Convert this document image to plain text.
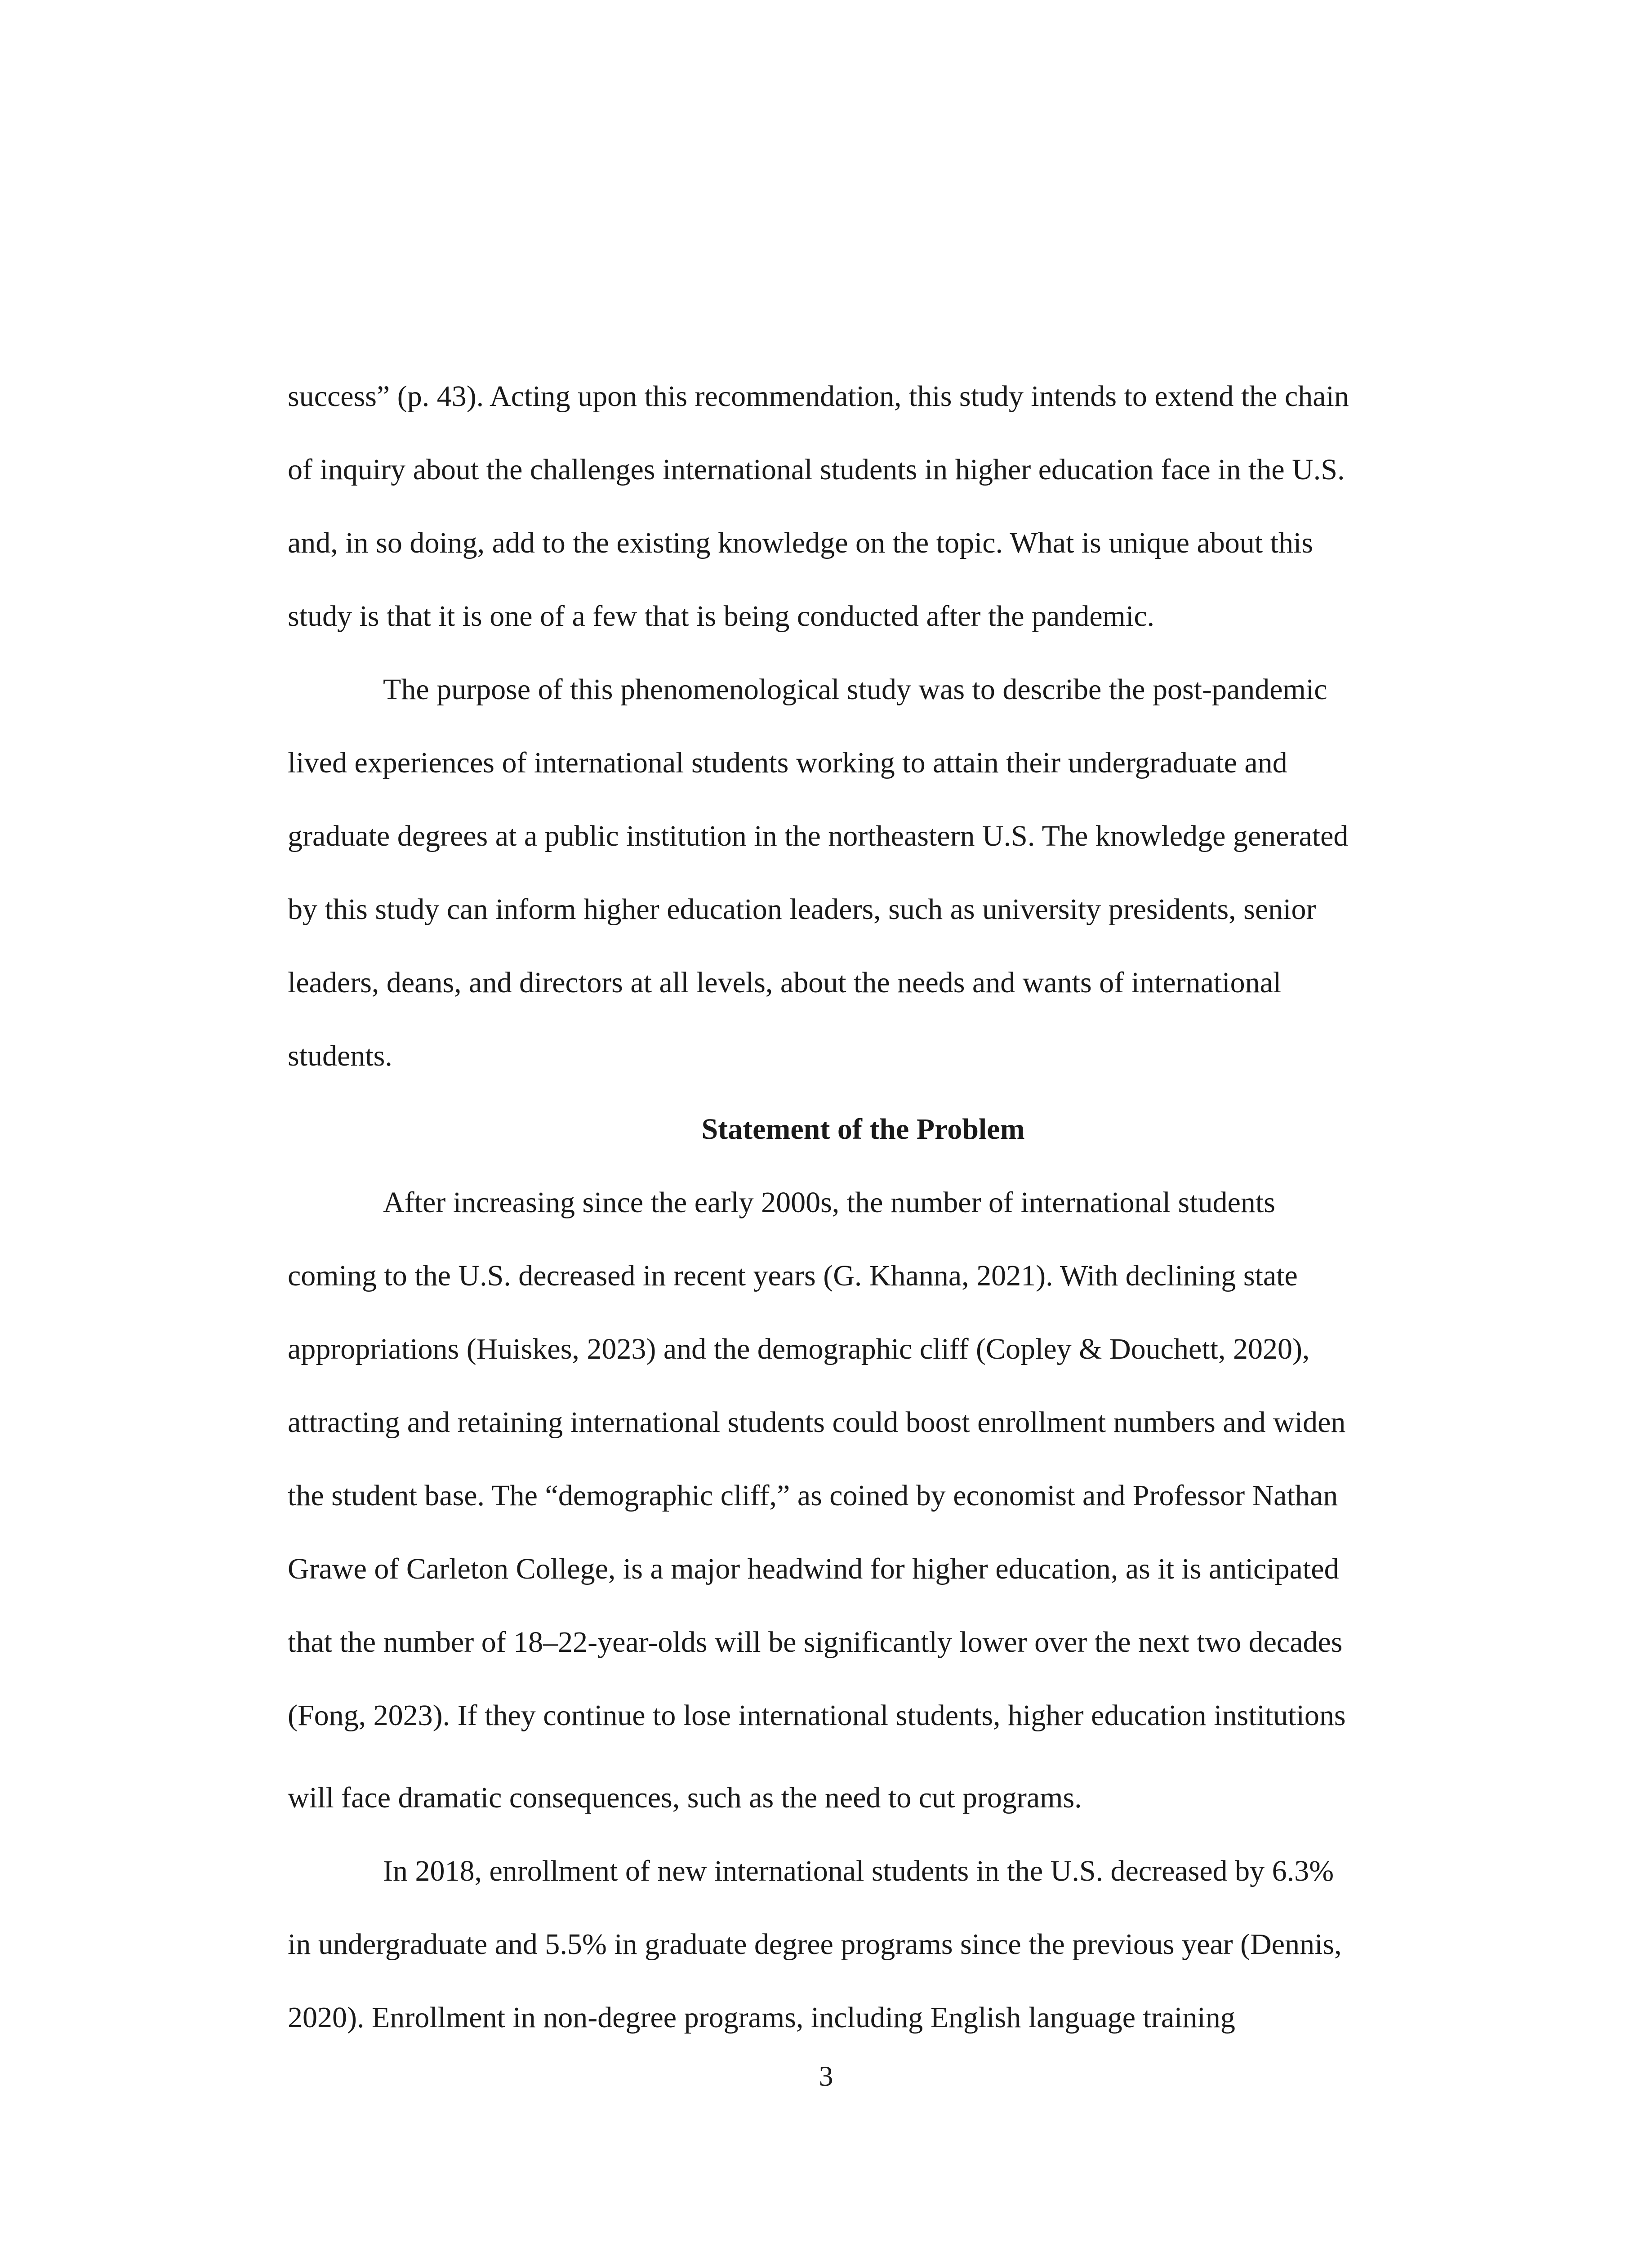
success” (p. 43). Acting upon this recommendation, this study intends to extend the chain
of inquiry about the challenges international students in higher education face in the U.S.
and, in so doing, add to the existing knowledge on the topic. What is unique about this
study is that it is one of a few that is being conducted after the pandemic.
The purpose of this phenomenological study was to describe the post-pandemic
lived experiences of international students working to attain their undergraduate and
graduate degrees at a public institution in the northeastern U.S. The knowledge generated
by this study can inform higher education leaders, such as university presidents, senior
leaders, deans, and directors at all levels, about the needs and wants of international
students.
Statement of the Problem
After increasing since the early 2000s, the number of international students
coming to the U.S. decreased in recent years (G. Khanna, 2021). With declining state
appropriations (Huiskes, 2023) and the demographic cliff (Copley & Douchett, 2020),
attracting and retaining international students could boost enrollment numbers and widen
the student base. The “demographic cliff,” as coined by economist and Professor Nathan
Grawe of Carleton College, is a major headwind for higher education, as it is anticipated
that the number of 18–22-year-olds will be significantly lower over the next two decades
(Fong, 2023). If they continue to lose international students, higher education institutions
will face dramatic consequences, such as the need to cut programs.
In 2018, enrollment of new international students in the U.S. decreased by 6.3%
in undergraduate and 5.5% in graduate degree programs since the previous year (Dennis,
2020). Enrollment in non-degree programs, including English language training
3
